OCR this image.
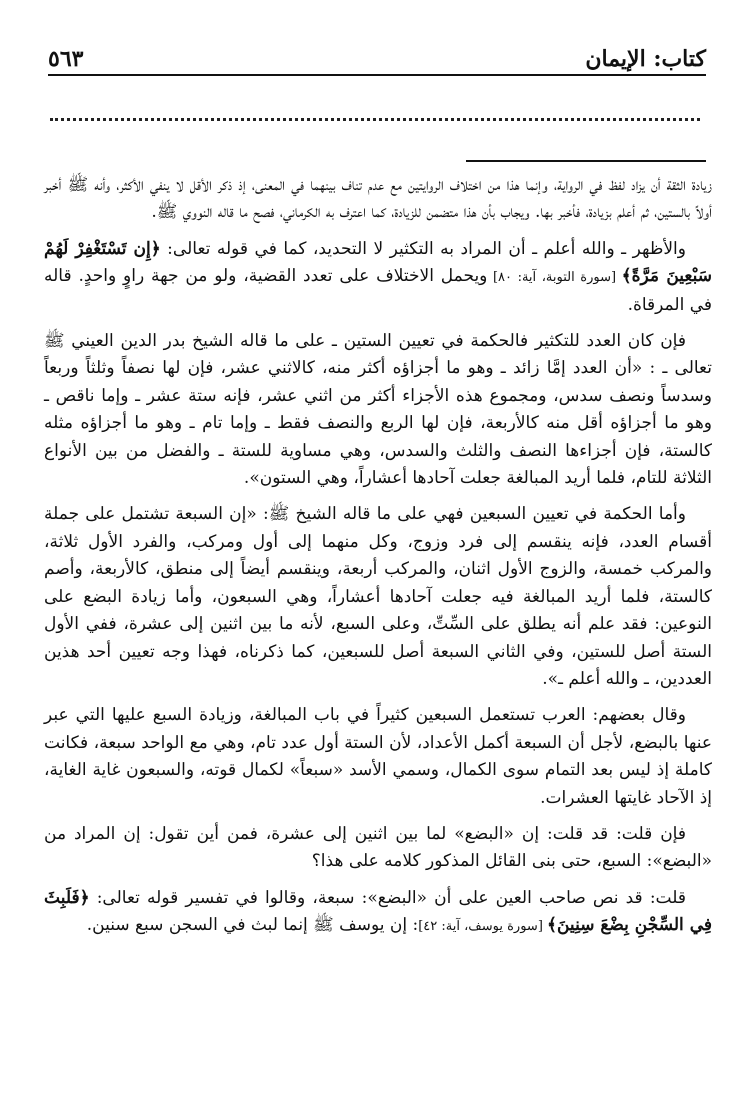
كتاب: الإيمان
٥٦٣

زيادة الثقة أن يزاد لفظ في الرواية، وإنما هذا من اختلاف الروايتين مع عدم تناف بينهما في المعنى، إذ ذكر الأقل لا ينفي الأكثر، وأنه ﷺ أخبر أولاً بالستين، ثم أعلم بزيادة، فأخبر بها. ويجاب بأن هذا متضمن للزيادة، كما اعترف به الكرماني، فصح ما قاله النووي ﷺ.

والأظهر ـ والله أعلم ـ أن المراد به التكثير لا التحديد، كما في قوله تعالى: ﴿إِن تَسْتَغْفِرْ لَهُمْ سَبْعِينَ مَرَّةً﴾ [سورة التوبة، آية: ٨٠] ويحمل الاختلاف على تعدد القضية، ولو من جهة راوٍ واحدٍ. قاله في المرقاة.

فإن كان العدد للتكثير فالحكمة في تعيين الستين ـ على ما قاله الشيخ بدر الدين العيني ﷺ تعالى ـ : «أن العدد إمَّا زائد ـ وهو ما أجزاؤه أكثر منه، كالاثني عشر، فإن لها نصفاً وثلثاً وربعاً وسدساً ونصف سدس، ومجموع هذه الأجزاء أكثر من اثني عشر، فإنه ستة عشر ـ وإما ناقص ـ وهو ما أجزاؤه أقل منه كالأربعة، فإن لها الربع والنصف فقط ـ وإما تام ـ وهو ما أجزاؤه مثله كالستة، فإن أجزاءها النصف والثلث والسدس، وهي مساوية للستة ـ والفضل من بين الأنواع الثلاثة للتام، فلما أريد المبالغة جعلت آحادها أعشاراً، وهي الستون».

وأما الحكمة في تعيين السبعين فهي على ما قاله الشيخ ﷺ: «إن السبعة تشتمل على جملة أقسام العدد، فإنه ينقسم إلى فرد وزوج، وكل منهما إلى أول ومركب، والفرد الأول ثلاثة، والمركب خمسة، والزوج الأول اثنان، والمركب أربعة، وينقسم أيضاً إلى منطق، كالأربعة، وأصم كالستة، فلما أريد المبالغة فيه جعلت آحادها أعشاراً، وهي السبعون، وأما زيادة البضع على النوعين: فقد علم أنه يطلق على السِّتِّ، وعلى السبع، لأنه ما بين اثنين إلى عشرة، ففي الأول الستة أصل للستين، وفي الثاني السبعة أصل للسبعين، كما ذكرناه، فهذا وجه تعيين أحد هذين العددين، ـ والله أعلم ـ».

وقال بعضهم: العرب تستعمل السبعين كثيراً في باب المبالغة، وزيادة السبع عليها التي عبر عنها بالبضع، لأجل أن السبعة أكمل الأعداد، لأن الستة أول عدد تام، وهي مع الواحد سبعة، فكانت كاملة إذ ليس بعد التمام سوى الكمال، وسمي الأسد «سبعاً» لكمال قوته، والسبعون غاية الغاية، إذ الآحاد غايتها العشرات.

فإن قلت: قد قلت: إن «البضع» لما بين اثنين إلى عشرة، فمن أين تقول: إن المراد من «البضع»: السبع، حتى بنى القائل المذكور كلامه على هذا؟

قلت: قد نص صاحب العين على أن «البضع»: سبعة، وقالوا في تفسير قوله تعالى: ﴿فَلَبِثَ فِي السِّجْنِ بِضْعَ سِنِينَ﴾ [سورة يوسف، آية: ٤٢]: إن يوسف ﷺ إنما لبث في السجن سبع سنين.
